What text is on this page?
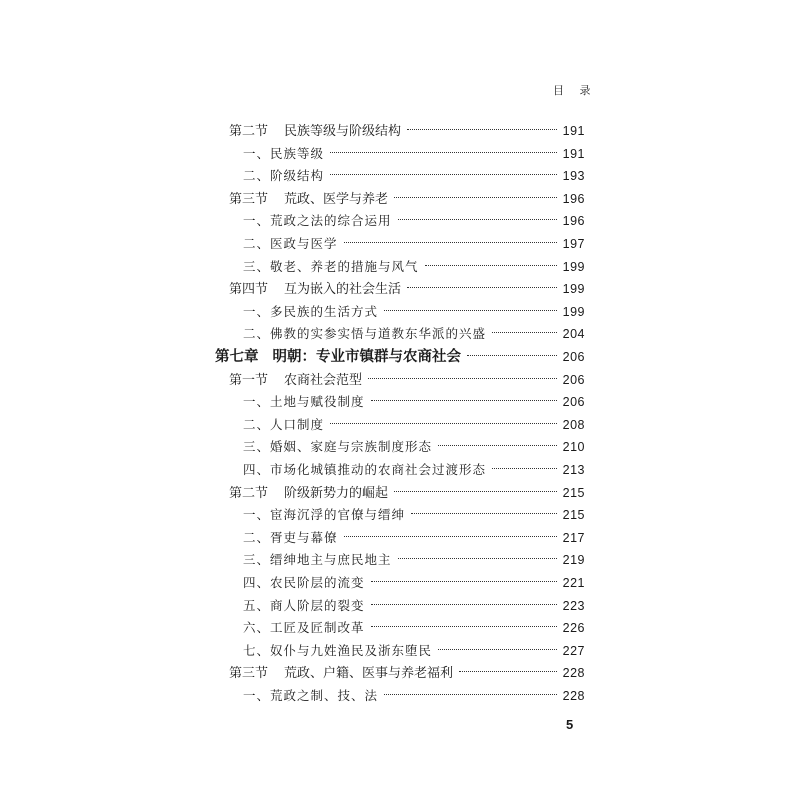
目 录
第二节 民族等级与阶级结构	191
一、民族等级	191
二、阶级结构	193
第三节 荒政、医学与养老	196
一、荒政之法的综合运用	196
二、医政与医学	197
三、敬老、养老的措施与风气	199
第四节 互为嵌入的社会生活	199
一、多民族的生活方式	199
二、佛教的实参实悟与道教东华派的兴盛	204
第七章 明朝：专业市镇群与农商社会	206
第一节 农商社会范型	206
一、土地与赋役制度	206
二、人口制度	208
三、婚姻、家庭与宗族制度形态	210
四、市场化城镇推动的农商社会过渡形态	213
第二节 阶级新势力的崛起	215
一、宦海沉浮的官僚与缙绅	215
二、胥吏与幕僚	217
三、缙绅地主与庶民地主	219
四、农民阶层的流变	221
五、商人阶层的裂变	223
六、工匠及匠制改革	226
七、奴仆与九姓渔民及浙东堕民	227
第三节 荒政、户籍、医事与养老福利	228
一、荒政之制、技、法	228
5
